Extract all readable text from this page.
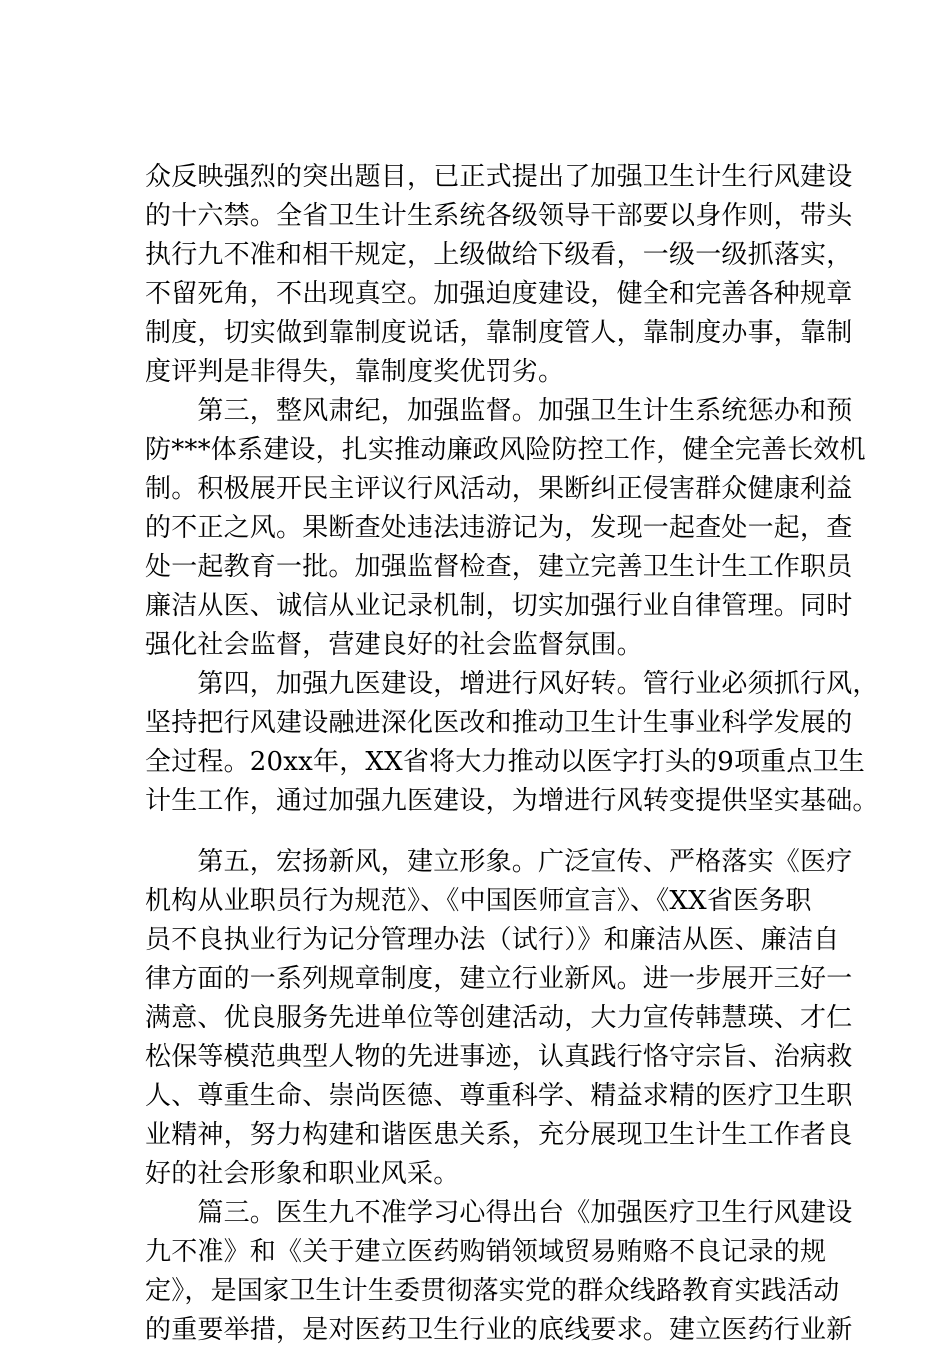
众反映强烈的突出题目，已正式提出了加强卫生计生行风建设
的十六禁。全省卫生计生系统各级领导干部要以身作则，带头
执行九不准和相干规定，上级做给下级看，一级一级抓落实，
不留死角，不出现真空。加强迫度建设，健全和完善各种规章
制度，切实做到靠制度说话，靠制度管人，靠制度办事，靠制
度评判是非得失，靠制度奖优罚劣。
　　第三，整风肃纪，加强监督。加强卫生计生系统惩办和预
防***体系建设，扎实推动廉政风险防控工作，健全完善长效机
制。积极展开民主评议行风活动，果断纠正侵害群众健康利益
的不正之风。果断查处违法违游记为，发现一起查处一起，查
处一起教育一批。加强监督检查，建立完善卫生计生工作职员
廉洁从医、诚信从业记录机制，切实加强行业自律管理。同时
强化社会监督，营建良好的社会监督氛围。
　　第四，加强九医建设，增进行风好转。管行业必须抓行风，
坚持把行风建设融进深化医改和推动卫生计生事业科学发展的
全过程。20xx年，XX省将大力推动以医字打头的9项重点卫生
计生工作，通过加强九医建设，为增进行风转变提供坚实基础。
　　第五，宏扬新风，建立形象。广泛宣传、严格落实《医疗
机构从业职员行为规范》、《中国医师宣言》、《XX省医务职
员不良执业行为记分管理办法（试行）》和廉洁从医、廉洁自
律方面的一系列规章制度，建立行业新风。进一步展开三好一
满意、优良服务先进单位等创建活动，大力宣传韩慧瑛、才仁
松保等模范典型人物的先进事迹，认真践行恪守宗旨、治病救
人、尊重生命、崇尚医德、尊重科学、精益求精的医疗卫生职
业精神，努力构建和谐医患关系，充分展现卫生计生工作者良
好的社会形象和职业风采。
　　篇三。医生九不准学习心得出台《加强医疗卫生行风建设
九不准》和《关于建立医药购销领域贸易贿赂不良记录的规
定》，是国家卫生计生委贯彻落实党的群众线路教育实践活动
的重要举措，是对医药卫生行业的底线要求。建立医药行业新
